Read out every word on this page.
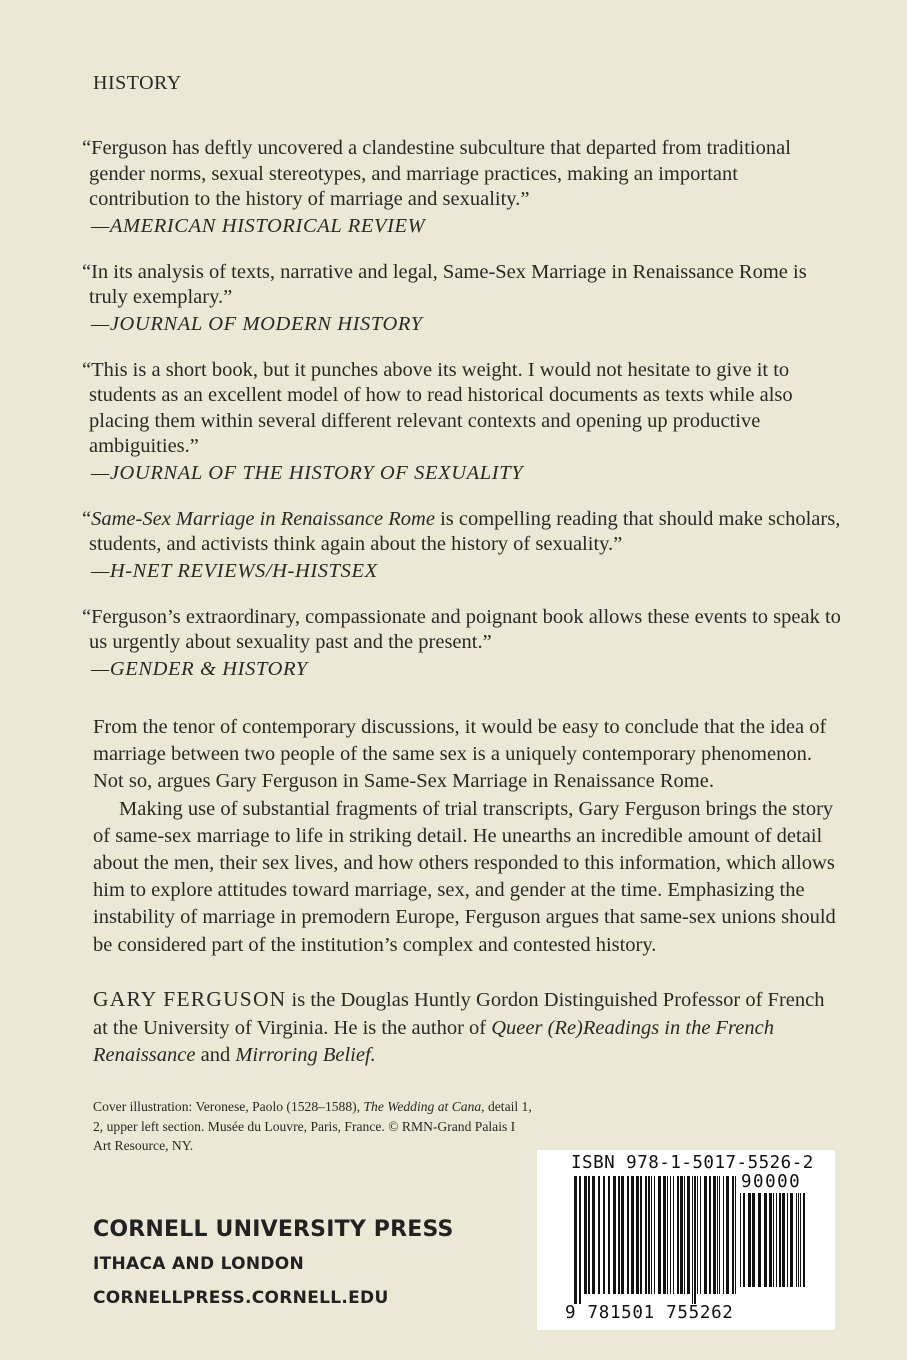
HISTORY
“Ferguson has deftly uncovered a clandestine subculture that departed from traditional gender norms, sexual stereotypes, and marriage practices, making an important contribution to the history of marriage and sexuality.”
—AMERICAN HISTORICAL REVIEW
“In its analysis of texts, narrative and legal, Same-Sex Marriage in Renaissance Rome is truly exemplary.”
—JOURNAL OF MODERN HISTORY
“This is a short book, but it punches above its weight. I would not hesitate to give it to students as an excellent model of how to read historical documents as texts while also placing them within several different relevant contexts and opening up productive ambiguities.”
—JOURNAL OF THE HISTORY OF SEXUALITY
“Same-Sex Marriage in Renaissance Rome is compelling reading that should make scholars, students, and activists think again about the history of sexuality.”
—H-NET REVIEWS/H-HISTSEX
“Ferguson’s extraordinary, compassionate and poignant book allows these events to speak to us urgently about sexuality past and the present.”
—GENDER & HISTORY

From the tenor of contemporary discussions, it would be easy to conclude that the idea of marriage between two people of the same sex is a uniquely contemporary phenomenon. Not so, argues Gary Ferguson in Same-Sex Marriage in Renaissance Rome.

Making use of substantial fragments of trial transcripts, Gary Ferguson brings the story of same-sex marriage to life in striking detail. He unearths an incredible amount of detail about the men, their sex lives, and how others responded to this information, which allows him to explore attitudes toward marriage, sex, and gender at the time. Emphasizing the instability of marriage in premodern Europe, Ferguson argues that same-sex unions should be considered part of the institution’s complex and contested history.

GARY FERGUSON is the Douglas Huntly Gordon Distinguished Professor of French at the University of Virginia. He is the author of Queer (Re)Readings in the French Renaissance and Mirroring Belief.
Cover illustration: Veronese, Paolo (1528–1588), The Wedding at Cana, detail 1, 2, upper left section. Musée du Louvre, Paris, France. © RMN-Grand Palais I Art Resource, NY.
CORNELL UNIVERSITY PRESS
ITHACA AND LONDON
CORNELLPRESS.CORNELL.EDU
ISBN 978-1-5017-5526-2
90000
9 781501 755262
